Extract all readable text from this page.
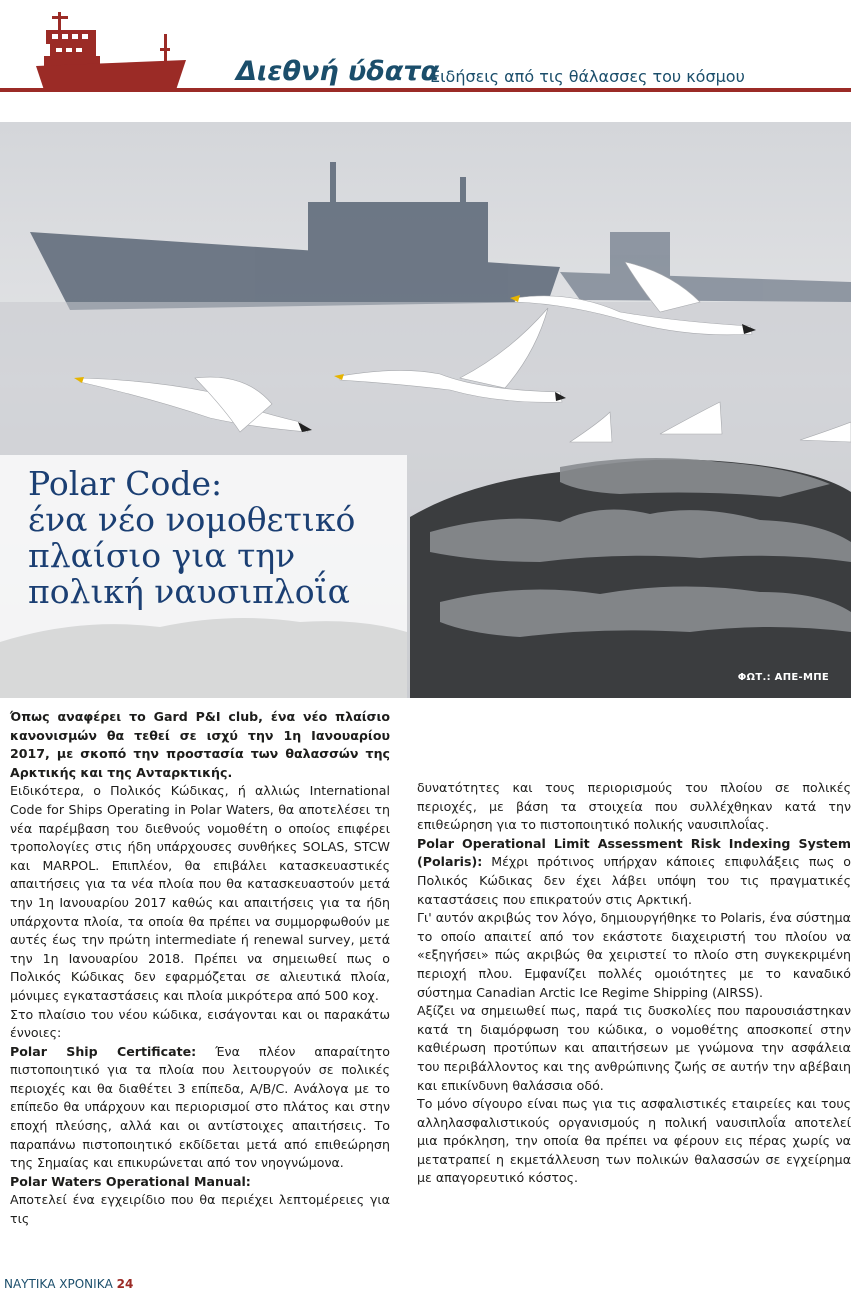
Διεθνή ύδατα
Ειδήσεις από τις θάλασσες του κόσμου
Polar Code:
ένα νέο νομοθετικό
πλαίσιο για την
πολική ναυσιπλοΐα
ΦΩΤ.: ΑΠΕ-ΜΠΕ

Όπως αναφέρει το Gard P&I club, ένα νέο πλαίσιο κανονισμών θα τεθεί σε ισχύ την 1η Ιανουαρίου 2017, με σκοπό την προστασία των θαλασσών της Αρκτικής και της Ανταρκτικής.

Ειδικότερα, ο Πολικός Κώδικας, ή αλλιώς International Code for Ships Operating in Polar Waters, θα αποτελέσει τη νέα παρέμβαση του διεθνούς νομοθέτη ο οποίος επιφέρει τροπολογίες στις ήδη υπάρχουσες συνθήκες SOLAS, STCW και MARPOL. Επιπλέον, θα επιβάλει κατασκευαστικές απαιτήσεις για τα νέα πλοία που θα κατασκευαστούν μετά την 1η Ιανουαρίου 2017 καθώς και απαιτήσεις για τα ήδη υπάρχοντα πλοία, τα οποία θα πρέπει να συμμορφωθούν με αυτές έως την πρώτη intermediate ή renewal survey, μετά την 1η Ιανουαρίου 2018. Πρέπει να σημειωθεί πως ο Πολικός Κώδικας δεν εφαρμόζεται σε αλιευτικά πλοία, μόνιμες εγκαταστάσεις και πλοία μικρότερα από 500 κοχ.

Στο πλαίσιο του νέου κώδικα, εισάγονται και οι παρακάτω έννοιες:

Polar Ship Certificate: Ένα πλέον απαραίτητο πιστοποιητικό για τα πλοία που λειτουργούν σε πολικές περιοχές και θα διαθέτει 3 επίπεδα, A/B/C. Ανάλογα με το επίπεδο θα υπάρχουν και περιορισμοί στο πλάτος και στην εποχή πλεύσης, αλλά και οι αντίστοιχες απαιτήσεις. Το παραπάνω πιστοποιητικό εκδίδεται μετά από επιθεώρηση της Σημαίας και επικυρώνεται από τον νηογνώμονα.

Polar Waters Operational Manual:

Αποτελεί ένα εγχειρίδιο που θα περιέχει λεπτομέρειες για τις

δυνατότητες και τους περιορισμούς του πλοίου σε πολικές περιοχές, με βάση τα στοιχεία που συλλέχθηκαν κατά την επιθεώρηση για το πιστοποιητικό πολικής ναυσιπλοΐας.

Polar Operational Limit Assessment Risk Indexing System (Polaris): Μέχρι πρότινος υπήρχαν κάποιες επιφυλάξεις πως ο Πολικός Κώδικας δεν έχει λάβει υπόψη του τις πραγματικές καταστάσεις που επικρατούν στις Αρκτική.

Γι' αυτόν ακριβώς τον λόγο, δημιουργήθηκε το Polaris, ένα σύστημα το οποίο απαιτεί από τον εκάστοτε διαχειριστή του πλοίου να «εξηγήσει» πώς ακριβώς θα χειριστεί το πλοίο στη συγκεκριμένη περιοχή πλου. Εμφανίζει πολλές ομοιότητες με το καναδικό σύστημα Canadian Arctic Ice Regime Shipping (AIRSS).

Αξίζει να σημειωθεί πως, παρά τις δυσκολίες που παρουσιάστηκαν κατά τη διαμόρφωση του κώδικα, ο νομοθέτης αποσκοπεί στην καθιέρωση προτύπων και απαιτήσεων με γνώμονα την ασφάλεια του περιβάλλοντος και της ανθρώπινης ζωής σε αυτήν την αβέβαιη και επικίνδυνη θαλάσσια οδό.

Το μόνο σίγουρο είναι πως για τις ασφαλιστικές εταιρείες και τους αλληλασφαλιστικούς οργανισμούς η πολική ναυσιπλοΐα αποτελεί μια πρόκληση, την οποία θα πρέπει να φέρουν εις πέρας χωρίς να μετατραπεί η εκμετάλλευση των πολικών θαλασσών σε εγχείρημα με απαγορευτικό κόστος.

ΝΑΥΤΙΚΑ ΧΡΟΝΙΚΑ 24
